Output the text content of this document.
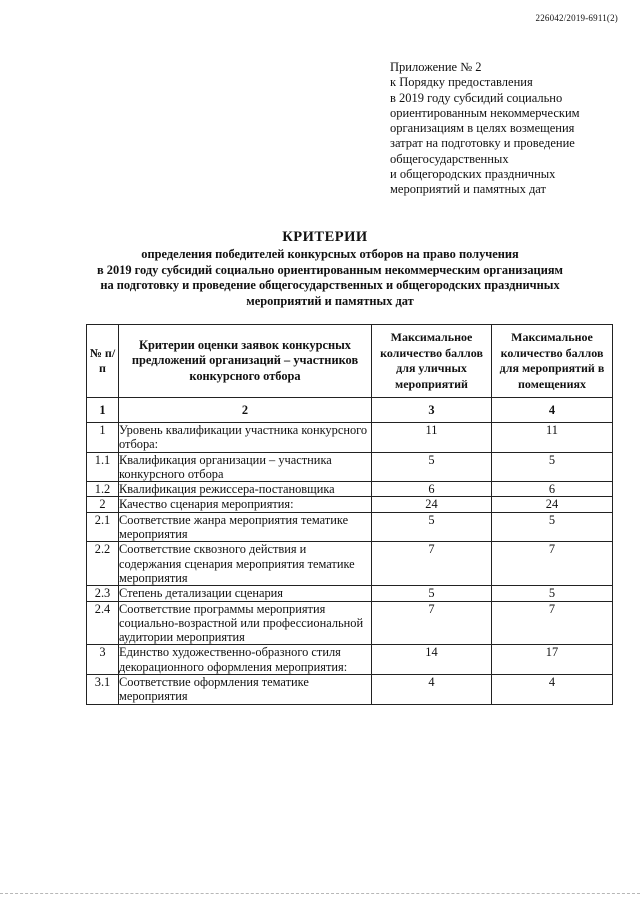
226042/2019-6911(2)
Приложение № 2
к Порядку предоставления
в 2019 году субсидий социально
ориентированным некоммерческим
организациям в целях возмещения
затрат на подготовку и проведение
общегосударственных
и общегородских праздничных
мероприятий и памятных дат
КРИТЕРИИ
определения победителей конкурсных отборов на право получения
в 2019 году субсидий социально ориентированным некоммерческим организациям
на подготовку и проведение общегосударственных и общегородских праздничных
мероприятий и памятных дат
№ п/п	Критерии оценки заявок конкурсных предложений организаций – участников конкурсного отбора	Максимальное количество баллов для уличных мероприятий	Максимальное количество баллов для мероприятий в помещениях
1	2	3	4
1	Уровень квалификации участника конкурсного отбора:	11	11
1.1	Квалификация организации – участника конкурсного отбора	5	5
1.2	Квалификация режиссера-постановщика	6	6
2	Качество сценария мероприятия:	24	24
2.1	Соответствие жанра мероприятия тематике мероприятия	5	5
2.2	Соответствие сквозного действия и содержания сценария мероприятия тематике мероприятия	7	7
2.3	Степень детализации сценария	5	5
2.4	Соответствие программы мероприятия социально-возрастной или профессиональной аудитории мероприятия	7	7
3	Единство художественно-образного стиля декорационного оформления мероприятия:	14	17
3.1	Соответствие оформления тематике мероприятия	4	4
